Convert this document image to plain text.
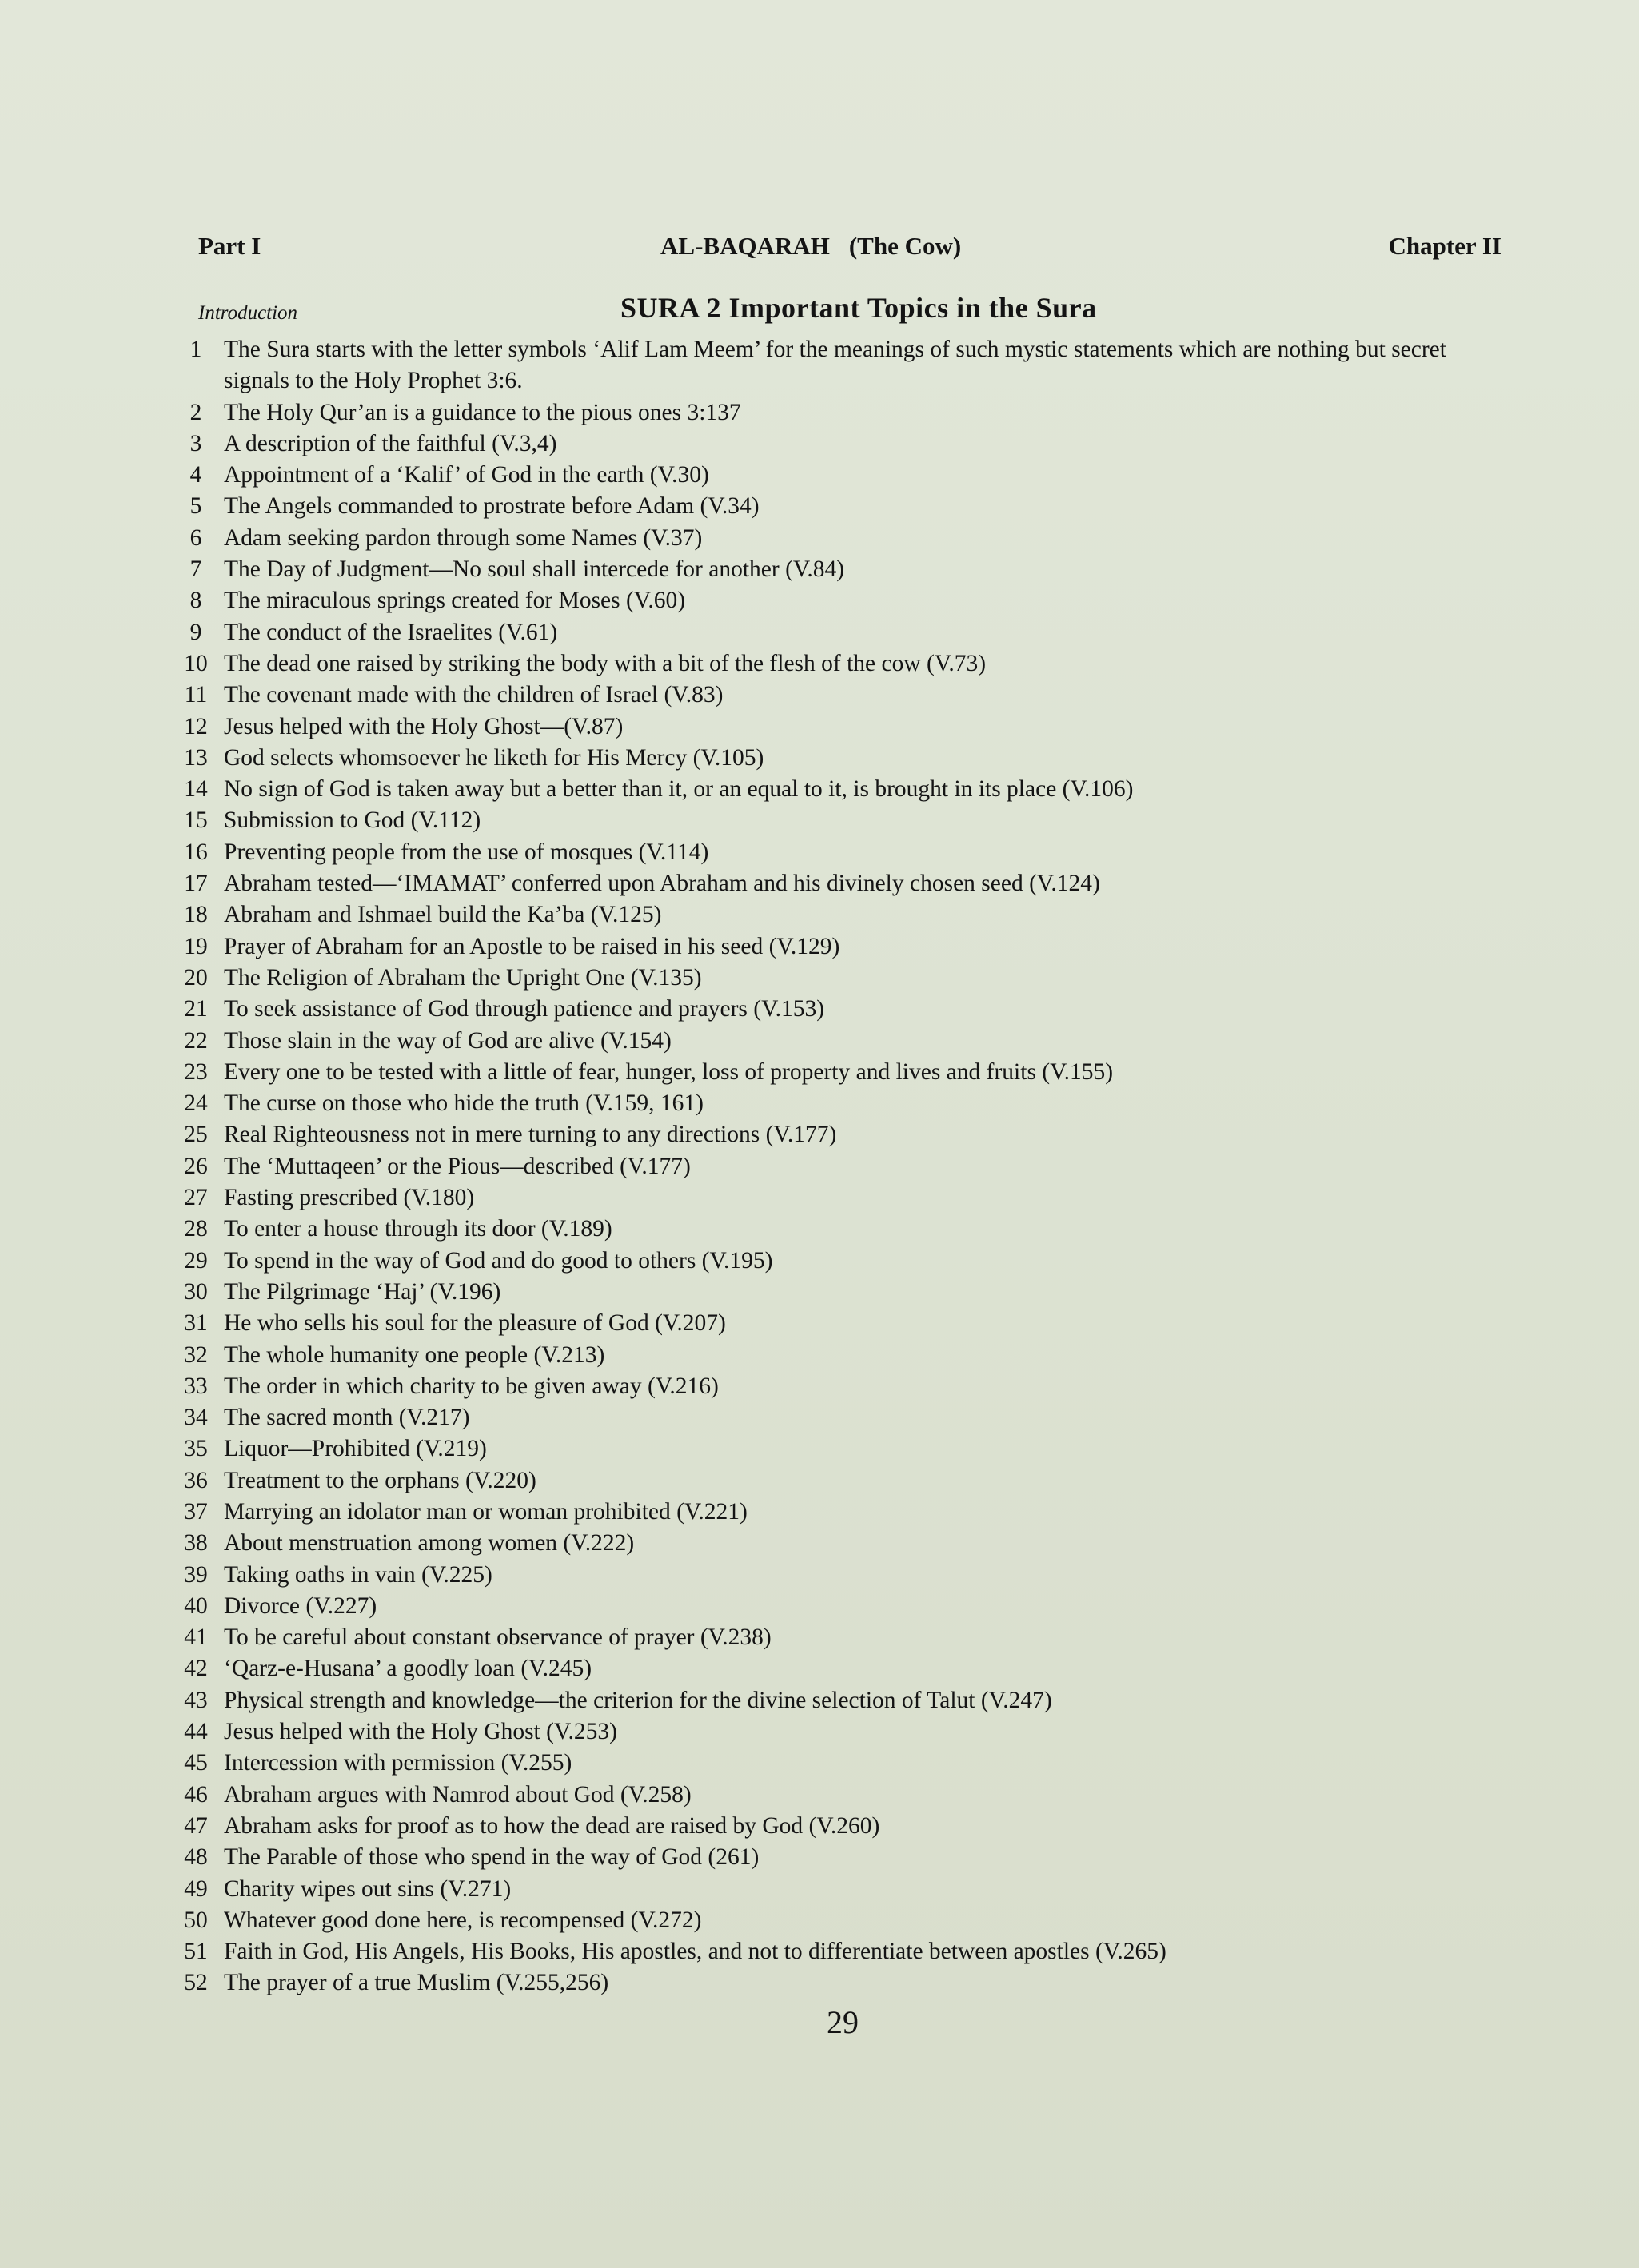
Part I	AL-BAQARAH (The Cow)	Chapter II
Introduction	SURA 2 Important Topics in the Sura
1 The Sura starts with the letter symbols ‘Alif Lam Meem’ for the meanings of such mystic statements which are nothing but secret signals to the Holy Prophet 3:6.
2 The Holy Qur’an is a guidance to the pious ones 3:137
3 A description of the faithful (V.3,4)
4 Appointment of a ‘Kalif’ of God in the earth (V.30)
5 The Angels commanded to prostrate before Adam (V.34)
6 Adam seeking pardon through some Names (V.37)
7 The Day of Judgment—No soul shall intercede for another (V.84)
8 The miraculous springs created for Moses (V.60)
9 The conduct of the Israelites (V.61)
10 The dead one raised by striking the body with a bit of the flesh of the cow (V.73)
11 The covenant made with the children of Israel (V.83)
12 Jesus helped with the Holy Ghost—(V.87)
13 God selects whomsoever he liketh for His Mercy (V.105)
14 No sign of God is taken away but a better than it, or an equal to it, is brought in its place (V.106)
15 Submission to God (V.112)
16 Preventing people from the use of mosques (V.114)
17 Abraham tested—‘IMAMAT’ conferred upon Abraham and his divinely chosen seed (V.124)
18 Abraham and Ishmael build the Ka’ba (V.125)
19 Prayer of Abraham for an Apostle to be raised in his seed (V.129)
20 The Religion of Abraham the Upright One (V.135)
21 To seek assistance of God through patience and prayers (V.153)
22 Those slain in the way of God are alive (V.154)
23 Every one to be tested with a little of fear, hunger, loss of property and lives and fruits (V.155)
24 The curse on those who hide the truth (V.159, 161)
25 Real Righteousness not in mere turning to any directions (V.177)
26 The ‘Muttaqeen’ or the Pious—described (V.177)
27 Fasting prescribed (V.180)
28 To enter a house through its door (V.189)
29 To spend in the way of God and do good to others (V.195)
30 The Pilgrimage ‘Haj’ (V.196)
31 He who sells his soul for the pleasure of God (V.207)
32 The whole humanity one people (V.213)
33 The order in which charity to be given away (V.216)
34 The sacred month (V.217)
35 Liquor—Prohibited (V.219)
36 Treatment to the orphans (V.220)
37 Marrying an idolator man or woman prohibited (V.221)
38 About menstruation among women (V.222)
39 Taking oaths in vain (V.225)
40 Divorce (V.227)
41 To be careful about constant observance of prayer (V.238)
42 ‘Qarz-e-Husana’ a goodly loan (V.245)
43 Physical strength and knowledge—the criterion for the divine selection of Talut (V.247)
44 Jesus helped with the Holy Ghost (V.253)
45 Intercession with permission (V.255)
46 Abraham argues with Namrod about God (V.258)
47 Abraham asks for proof as to how the dead are raised by God (V.260)
48 The Parable of those who spend in the way of God (261)
49 Charity wipes out sins (V.271)
50 Whatever good done here, is recompensed (V.272)
51 Faith in God, His Angels, His Books, His apostles, and not to differentiate between apostles (V.265)
52 The prayer of a true Muslim (V.255,256)
29
